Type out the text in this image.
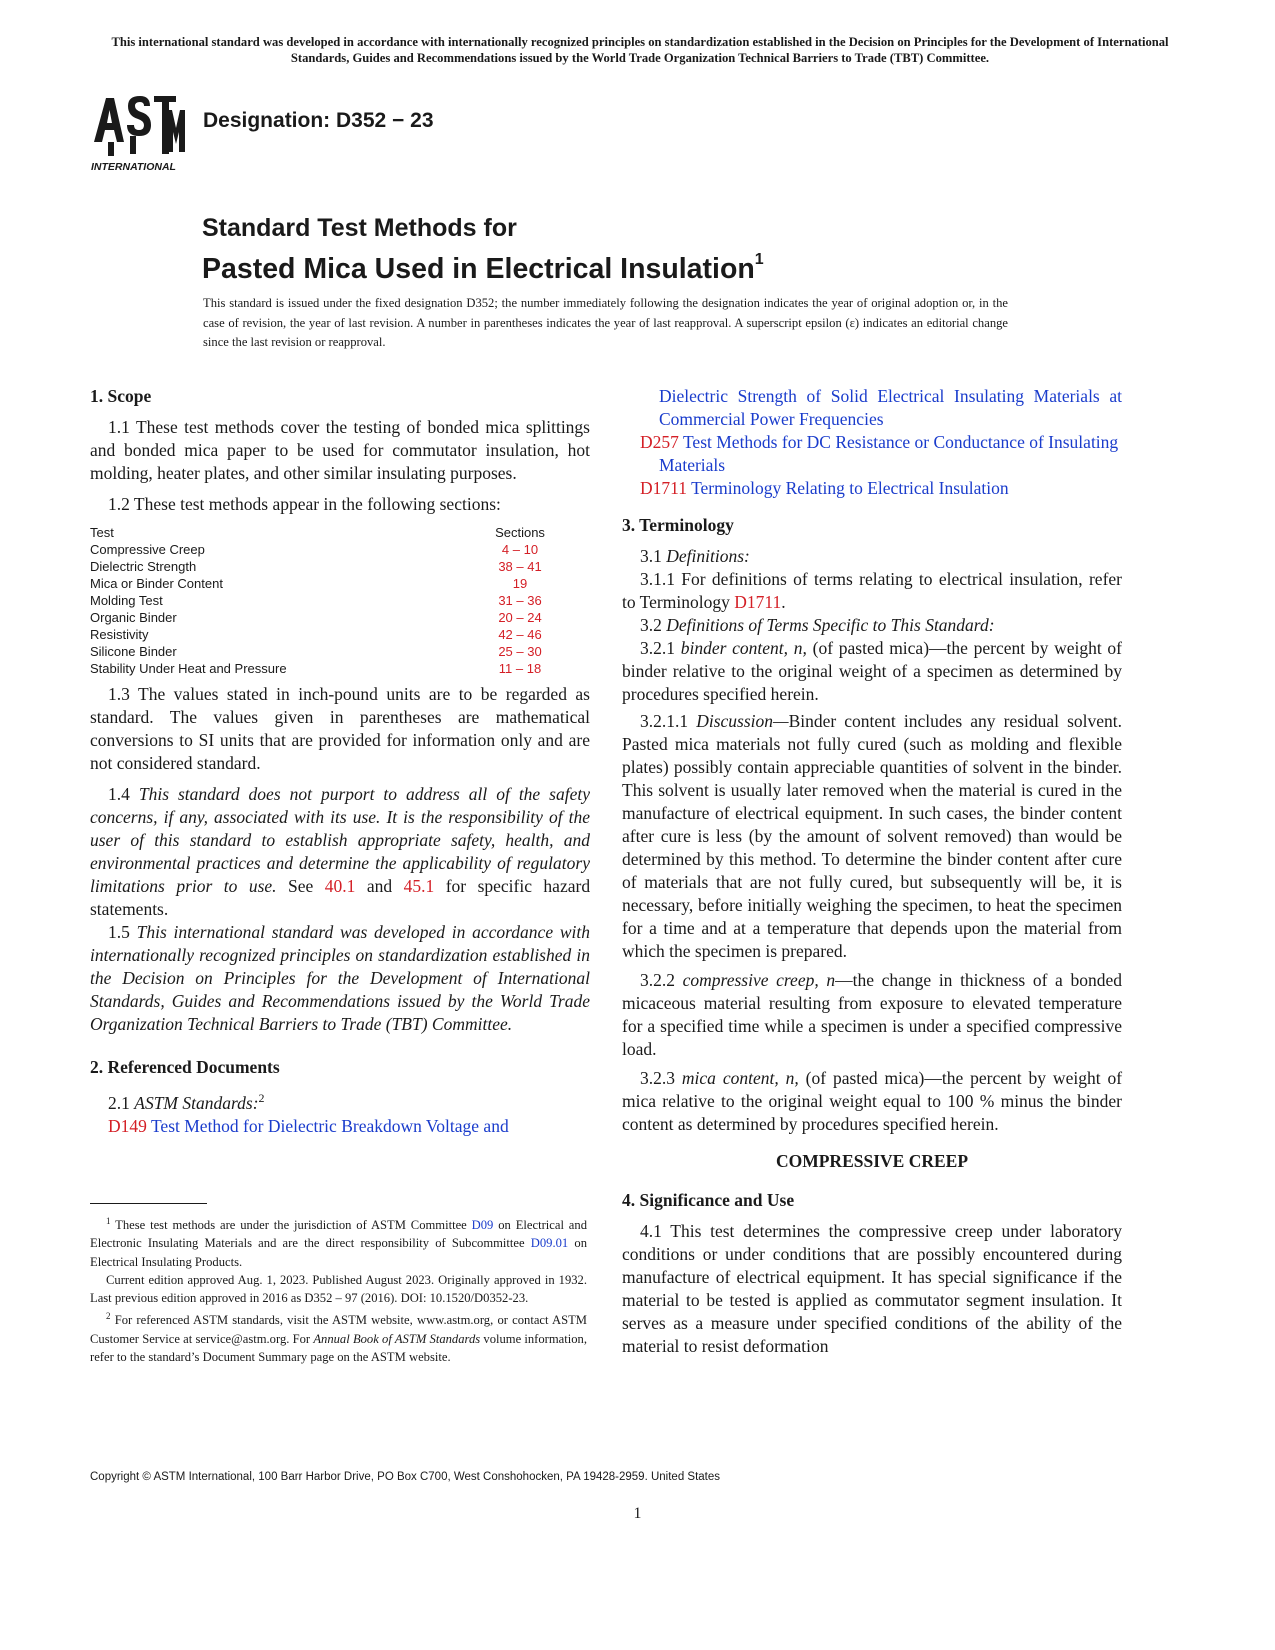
This international standard was developed in accordance with internationally recognized principles on standardization established in the Decision on Principles for the Development of International Standards, Guides and Recommendations issued by the World Trade Organization Technical Barriers to Trade (TBT) Committee.
INTERNATIONAL
Designation: D352 − 23
Standard Test Methods for
Pasted Mica Used in Electrical Insulation$^1$
This standard is issued under the fixed designation D352; the number immediately following the designation indicates the year of original adoption or, in the case of revision, the year of last revision. A number in parentheses indicates the year of last reapproval. A superscript epsilon (ε) indicates an editorial change since the last revision or reapproval.
1. Scope

1.1 These test methods cover the testing of bonded mica splittings and bonded mica paper to be used for commutator insulation, hot molding, heater plates, and other similar insulating purposes.

1.2 These test methods appear in the following sections:

Test	Sections
Compressive Creep	4 – 10
Dielectric Strength	38 – 41
Mica or Binder Content	19
Molding Test	31 – 36
Organic Binder	20 – 24
Resistivity	42 – 46
Silicone Binder	25 – 30
Stability Under Heat and Pressure	11 – 18

1.3 The values stated in inch-pound units are to be regarded as standard. The values given in parentheses are mathematical conversions to SI units that are provided for information only and are not considered standard.

1.4 This standard does not purport to address all of the safety concerns, if any, associated with its use. It is the responsibility of the user of this standard to establish appropriate safety, health, and environmental practices and determine the applicability of regulatory limitations prior to use. See 40.1 and 45.1 for specific hazard statements.

1.5 This international standard was developed in accordance with internationally recognized principles on standardization established in the Decision on Principles for the Development of International Standards, Guides and Recommendations issued by the World Trade Organization Technical Barriers to Trade (TBT) Committee.

2. Referenced Documents

2.1 ASTM Standards:$^2$

D149 Test Method for Dielectric Breakdown Voltage and

Dielectric Strength of Solid Electrical Insulating Materials at Commercial Power Frequencies

D257 Test Methods for DC Resistance or Conductance of Insulating Materials

D1711 Terminology Relating to Electrical Insulation

3. Terminology

3.1 Definitions:

3.1.1 For definitions of terms relating to electrical insulation, refer to Terminology D1711.

3.2 Definitions of Terms Specific to This Standard:

3.2.1 binder content, n, (of pasted mica)—the percent by weight of binder relative to the original weight of a specimen as determined by procedures specified herein.

3.2.1.1 Discussion—Binder content includes any residual solvent. Pasted mica materials not fully cured (such as molding and flexible plates) possibly contain appreciable quantities of solvent in the binder. This solvent is usually later removed when the material is cured in the manufacture of electrical equipment. In such cases, the binder content after cure is less (by the amount of solvent removed) than would be determined by this method. To determine the binder content after cure of materials that are not fully cured, but subsequently will be, it is necessary, before initially weighing the specimen, to heat the specimen for a time and at a temperature that depends upon the material from which the specimen is prepared.

3.2.2 compressive creep, n—the change in thickness of a bonded micaceous material resulting from exposure to elevated temperature for a specified time while a specimen is under a specified compressive load.

3.2.3 mica content, n, (of pasted mica)—the percent by weight of mica relative to the original weight equal to 100 % minus the binder content as determined by procedures specified herein.

COMPRESSIVE CREEP

4. Significance and Use

4.1 This test determines the compressive creep under laboratory conditions or under conditions that are possibly encountered during manufacture of electrical equipment. It has special significance if the material to be tested is applied as commutator segment insulation. It serves as a measure under specified conditions of the ability of the material to resist deformation

$^1$ These test methods are under the jurisdiction of ASTM Committee D09 on Electrical and Electronic Insulating Materials and are the direct responsibility of Subcommittee D09.01 on Electrical Insulating Products.

Current edition approved Aug. 1, 2023. Published August 2023. Originally approved in 1932. Last previous edition approved in 2016 as D352 – 97 (2016). DOI: 10.1520/D0352-23.

$^2$ For referenced ASTM standards, visit the ASTM website, www.astm.org, or contact ASTM Customer Service at service@astm.org. For Annual Book of ASTM Standards volume information, refer to the standard’s Document Summary page on the ASTM website.

Copyright © ASTM International, 100 Barr Harbor Drive, PO Box C700, West Conshohocken, PA 19428-2959. United States
1
